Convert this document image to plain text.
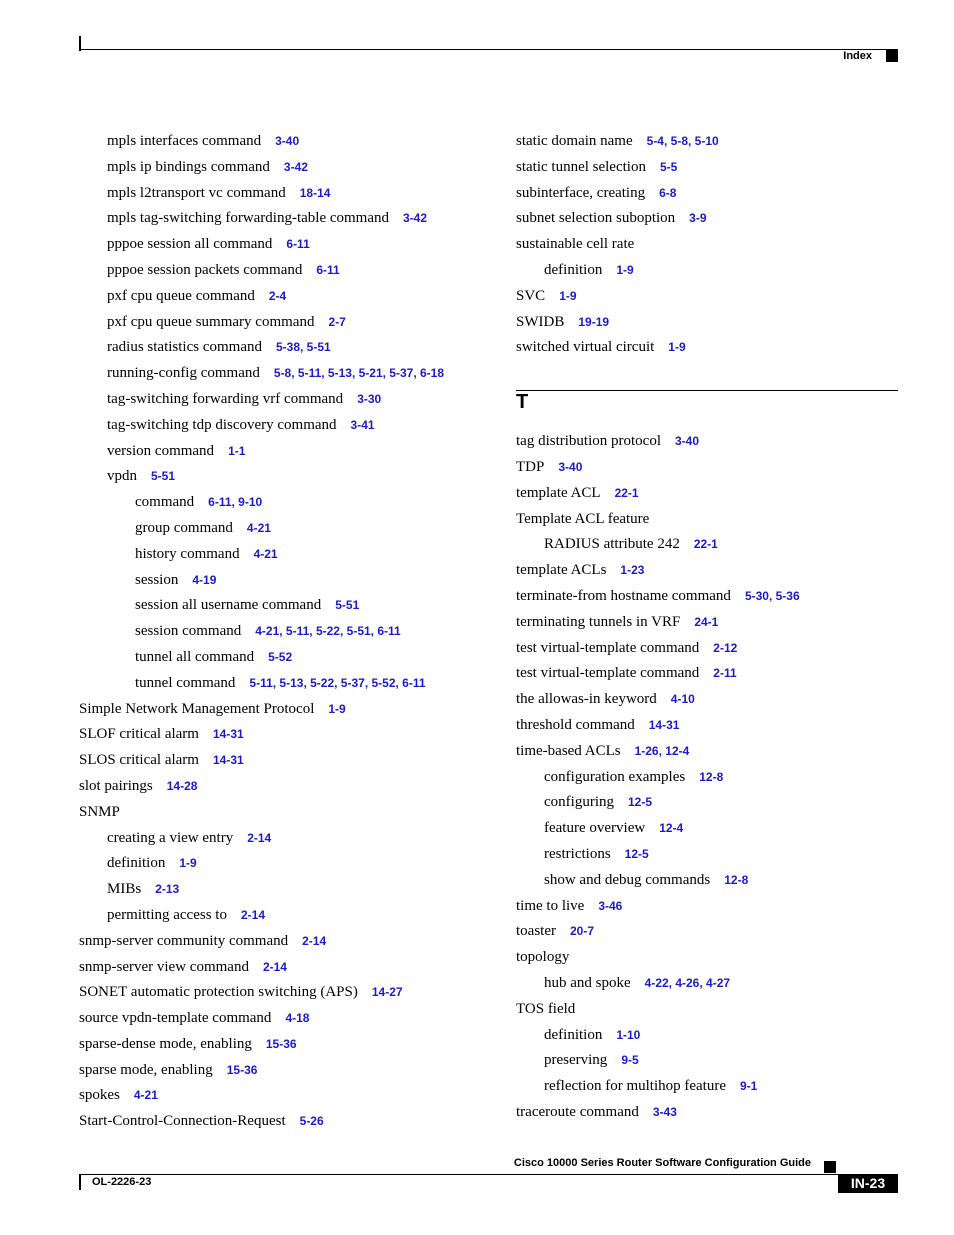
Index
mpls interfaces command 3-40
mpls ip bindings command 3-42
mpls l2transport vc command 18-14
mpls tag-switching forwarding-table command 3-42
pppoe session all command 6-11
pppoe session packets command 6-11
pxf cpu queue command 2-4
pxf cpu queue summary command 2-7
radius statistics command 5-38, 5-51
running-config command 5-8, 5-11, 5-13, 5-21, 5-37, 6-18
tag-switching forwarding vrf command 3-30
tag-switching tdp discovery command 3-41
version command 1-1
vpdn 5-51
command 6-11, 9-10
group command 4-21
history command 4-21
session 4-19
session all username command 5-51
session command 4-21, 5-11, 5-22, 5-51, 6-11
tunnel all command 5-52
tunnel command 5-11, 5-13, 5-22, 5-37, 5-52, 6-11
Simple Network Management Protocol 1-9
SLOF critical alarm 14-31
SLOS critical alarm 14-31
slot pairings 14-28
SNMP
creating a view entry 2-14
definition 1-9
MIBs 2-13
permitting access to 2-14
snmp-server community command 2-14
snmp-server view command 2-14
SONET automatic protection switching (APS) 14-27
source vpdn-template command 4-18
sparse-dense mode, enabling 15-36
sparse mode, enabling 15-36
spokes 4-21
Start-Control-Connection-Request 5-26
static domain name 5-4, 5-8, 5-10
static tunnel selection 5-5
subinterface, creating 6-8
subnet selection suboption 3-9
sustainable cell rate
definition 1-9
SVC 1-9
SWIDB 19-19
switched virtual circuit 1-9
T
tag distribution protocol 3-40
TDP 3-40
template ACL 22-1
Template ACL feature
RADIUS attribute 242 22-1
template ACLs 1-23
terminate-from hostname command 5-30, 5-36
terminating tunnels in VRF 24-1
test virtual-template command 2-12
test virtual-template command 2-11
the allowas-in keyword 4-10
threshold command 14-31
time-based ACLs 1-26, 12-4
configuration examples 12-8
configuring 12-5
feature overview 12-4
restrictions 12-5
show and debug commands 12-8
time to live 3-46
toaster 20-7
topology
hub and spoke 4-22, 4-26, 4-27
TOS field
definition 1-10
preserving 9-5
reflection for multihop feature 9-1
traceroute command 3-43
Cisco 10000 Series Router Software Configuration Guide
OL-2226-23	IN-23
